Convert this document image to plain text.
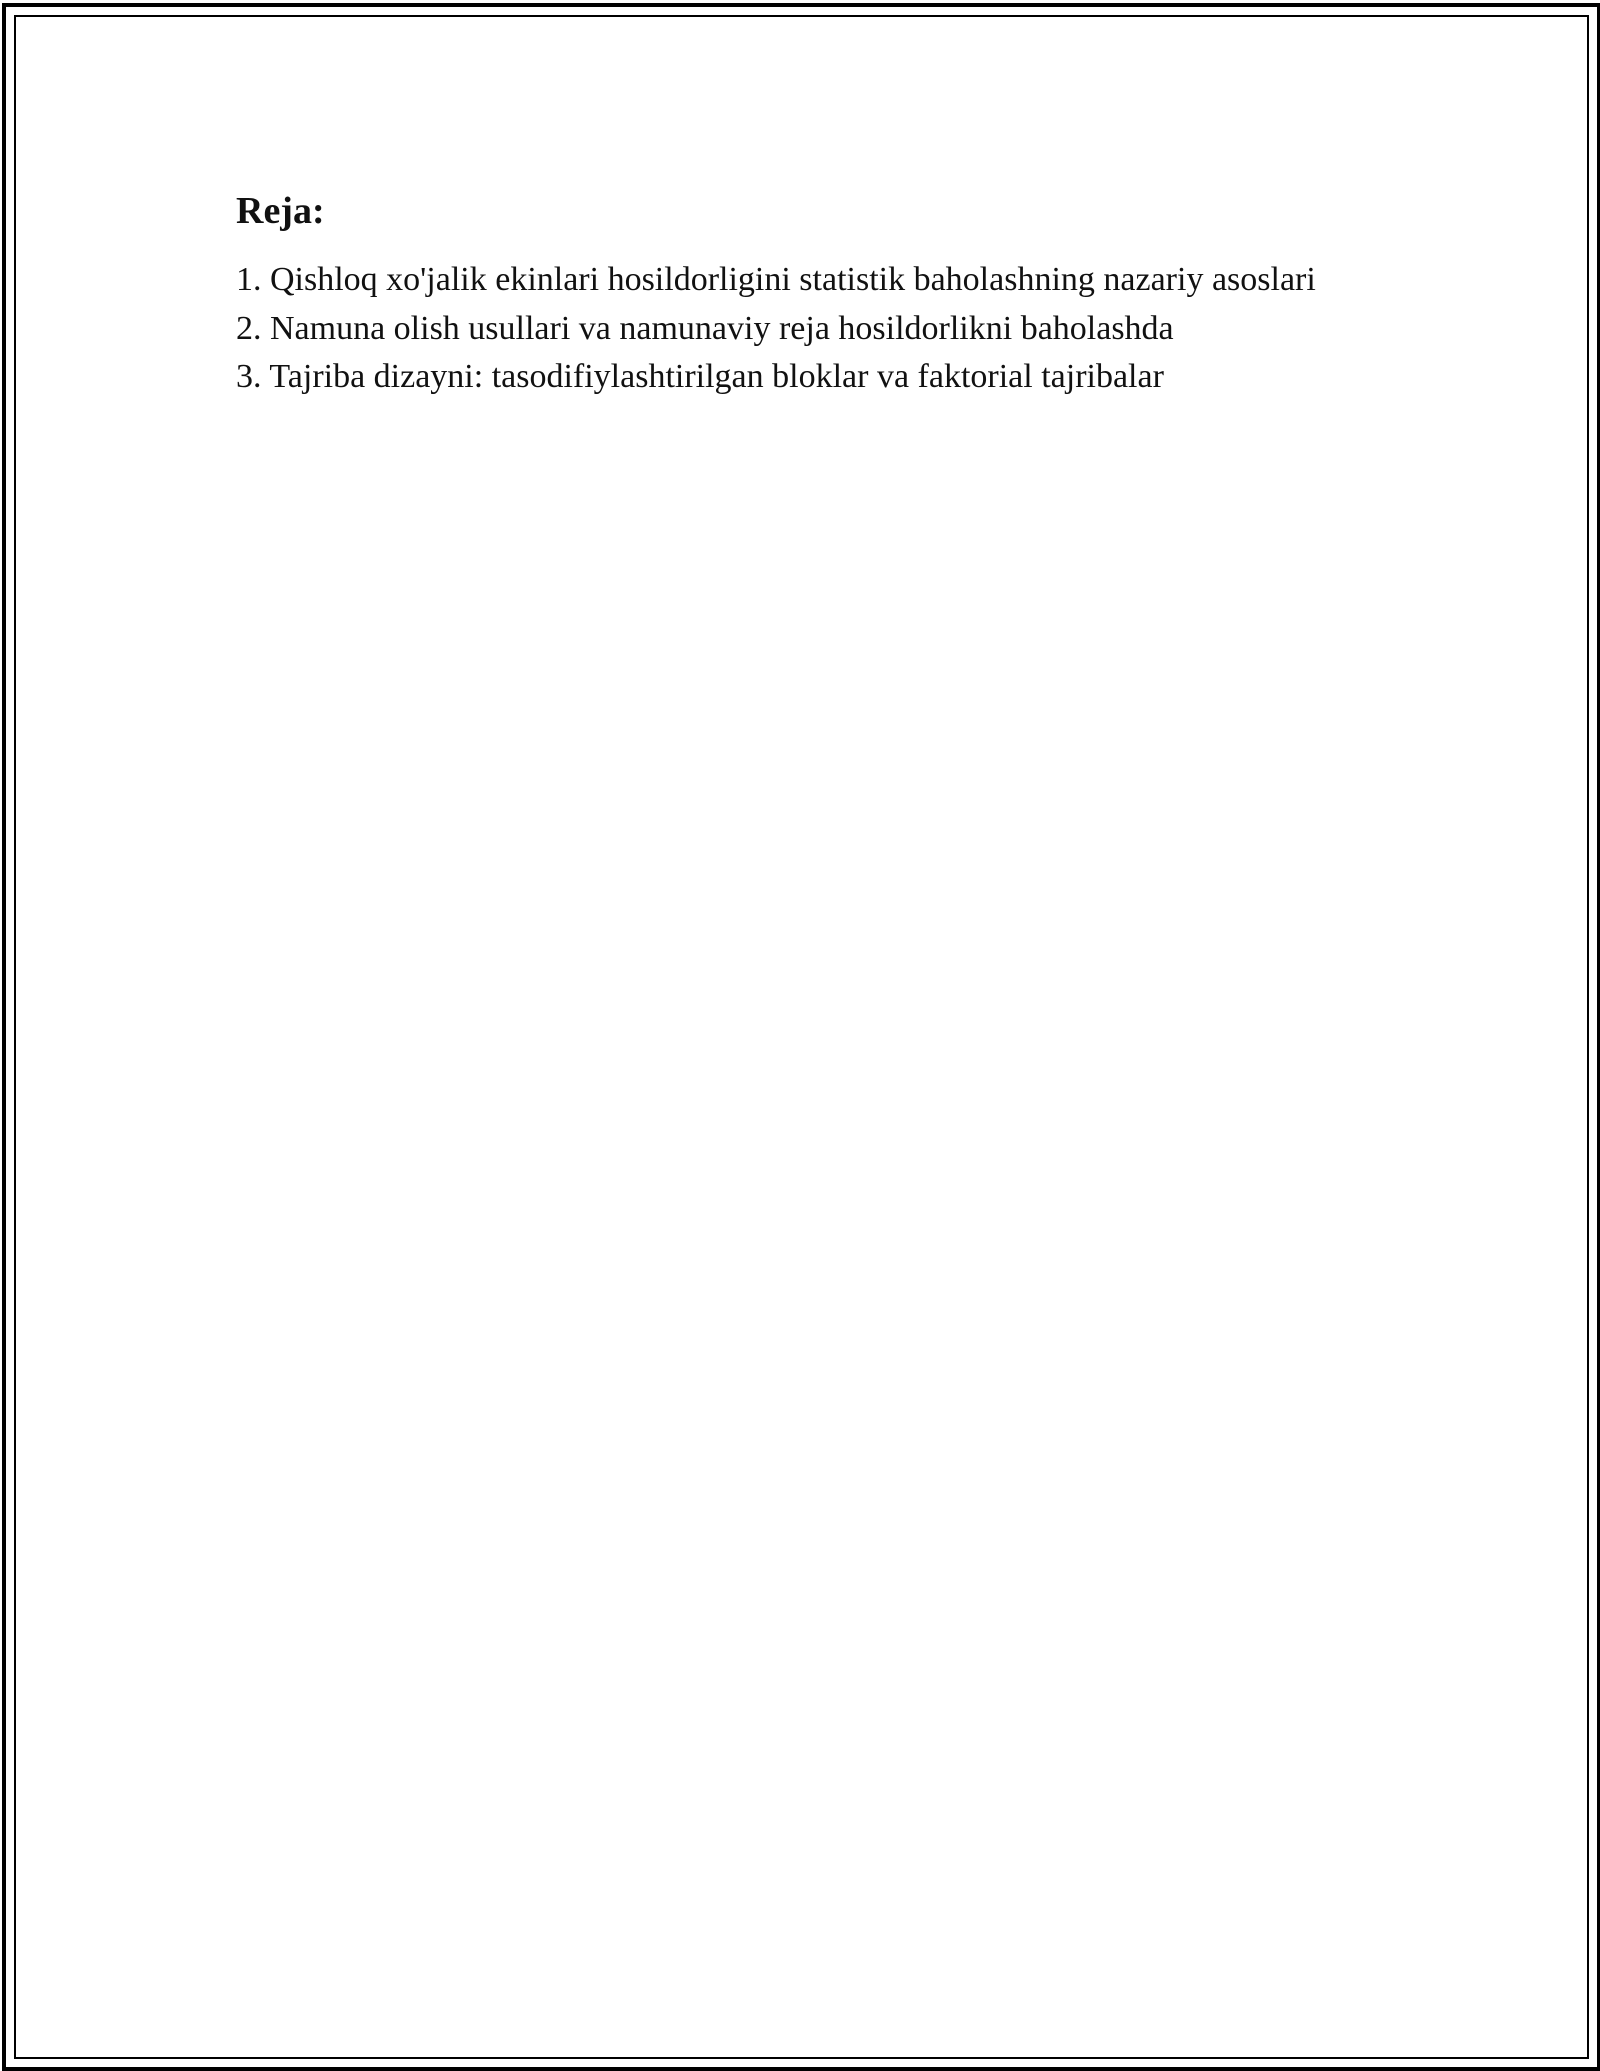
Reja:
1. Qishloq xo'jalik ekinlari hosildorligini statistik baholashning nazariy asoslari
2. Namuna olish usullari va namunaviy reja hosildorlikni baholashda
3. Tajriba dizayni: tasodifiylashtirilgan bloklar va faktorial tajribalar
